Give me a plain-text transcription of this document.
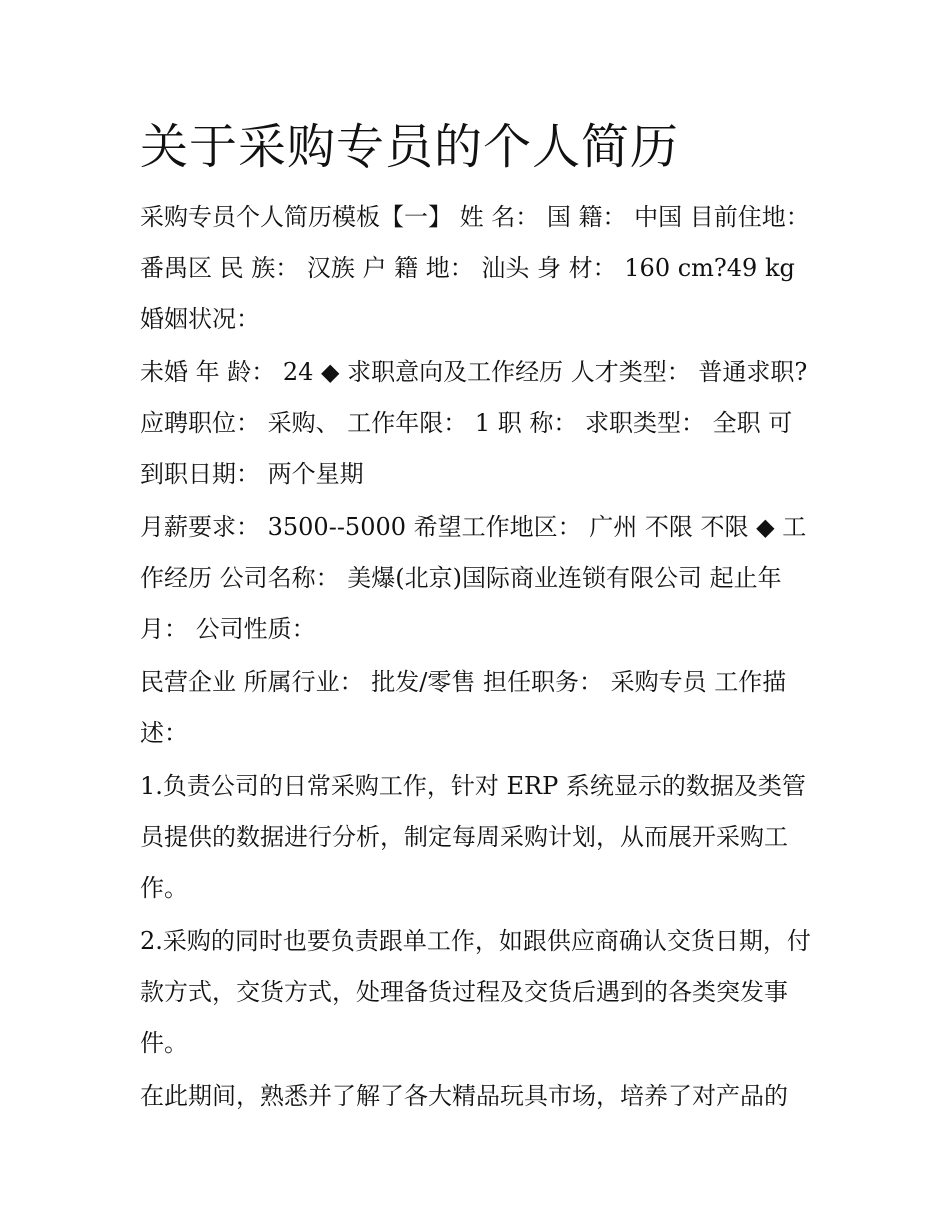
关于采购专员的个人简历

采购专员个人简历模板【一】 姓 名： 国 籍： 中国 目前住地： 番禺区 民 族： 汉族 户 籍 地： 汕头 身 材： 160 cm?49 kg 婚姻状况：

未婚 年 龄： 24 ◆ 求职意向及工作经历 人才类型： 普通求职? 应聘职位： 采购、 工作年限： 1 职 称： 求职类型： 全职 可到职日期： 两个星期

月薪要求： 3500--5000 希望工作地区： 广州 不限 不限 ◆ 工作经历 公司名称： 美爆(北京)国际商业连锁有限公司 起止年月： 公司性质：

民营企业 所属行业： 批发/零售 担任职务： 采购专员 工作描述：

1.负责公司的日常采购工作，针对 ERP 系统显示的数据及类管员提供的数据进行分析，制定每周采购计划，从而展开采购工作。

2.采购的同时也要负责跟单工作，如跟供应商确认交货日期，付款方式，交货方式，处理备货过程及交货后遇到的各类突发事件。

在此期间，熟悉并了解了各大精品玩具市场，培养了对产品的
